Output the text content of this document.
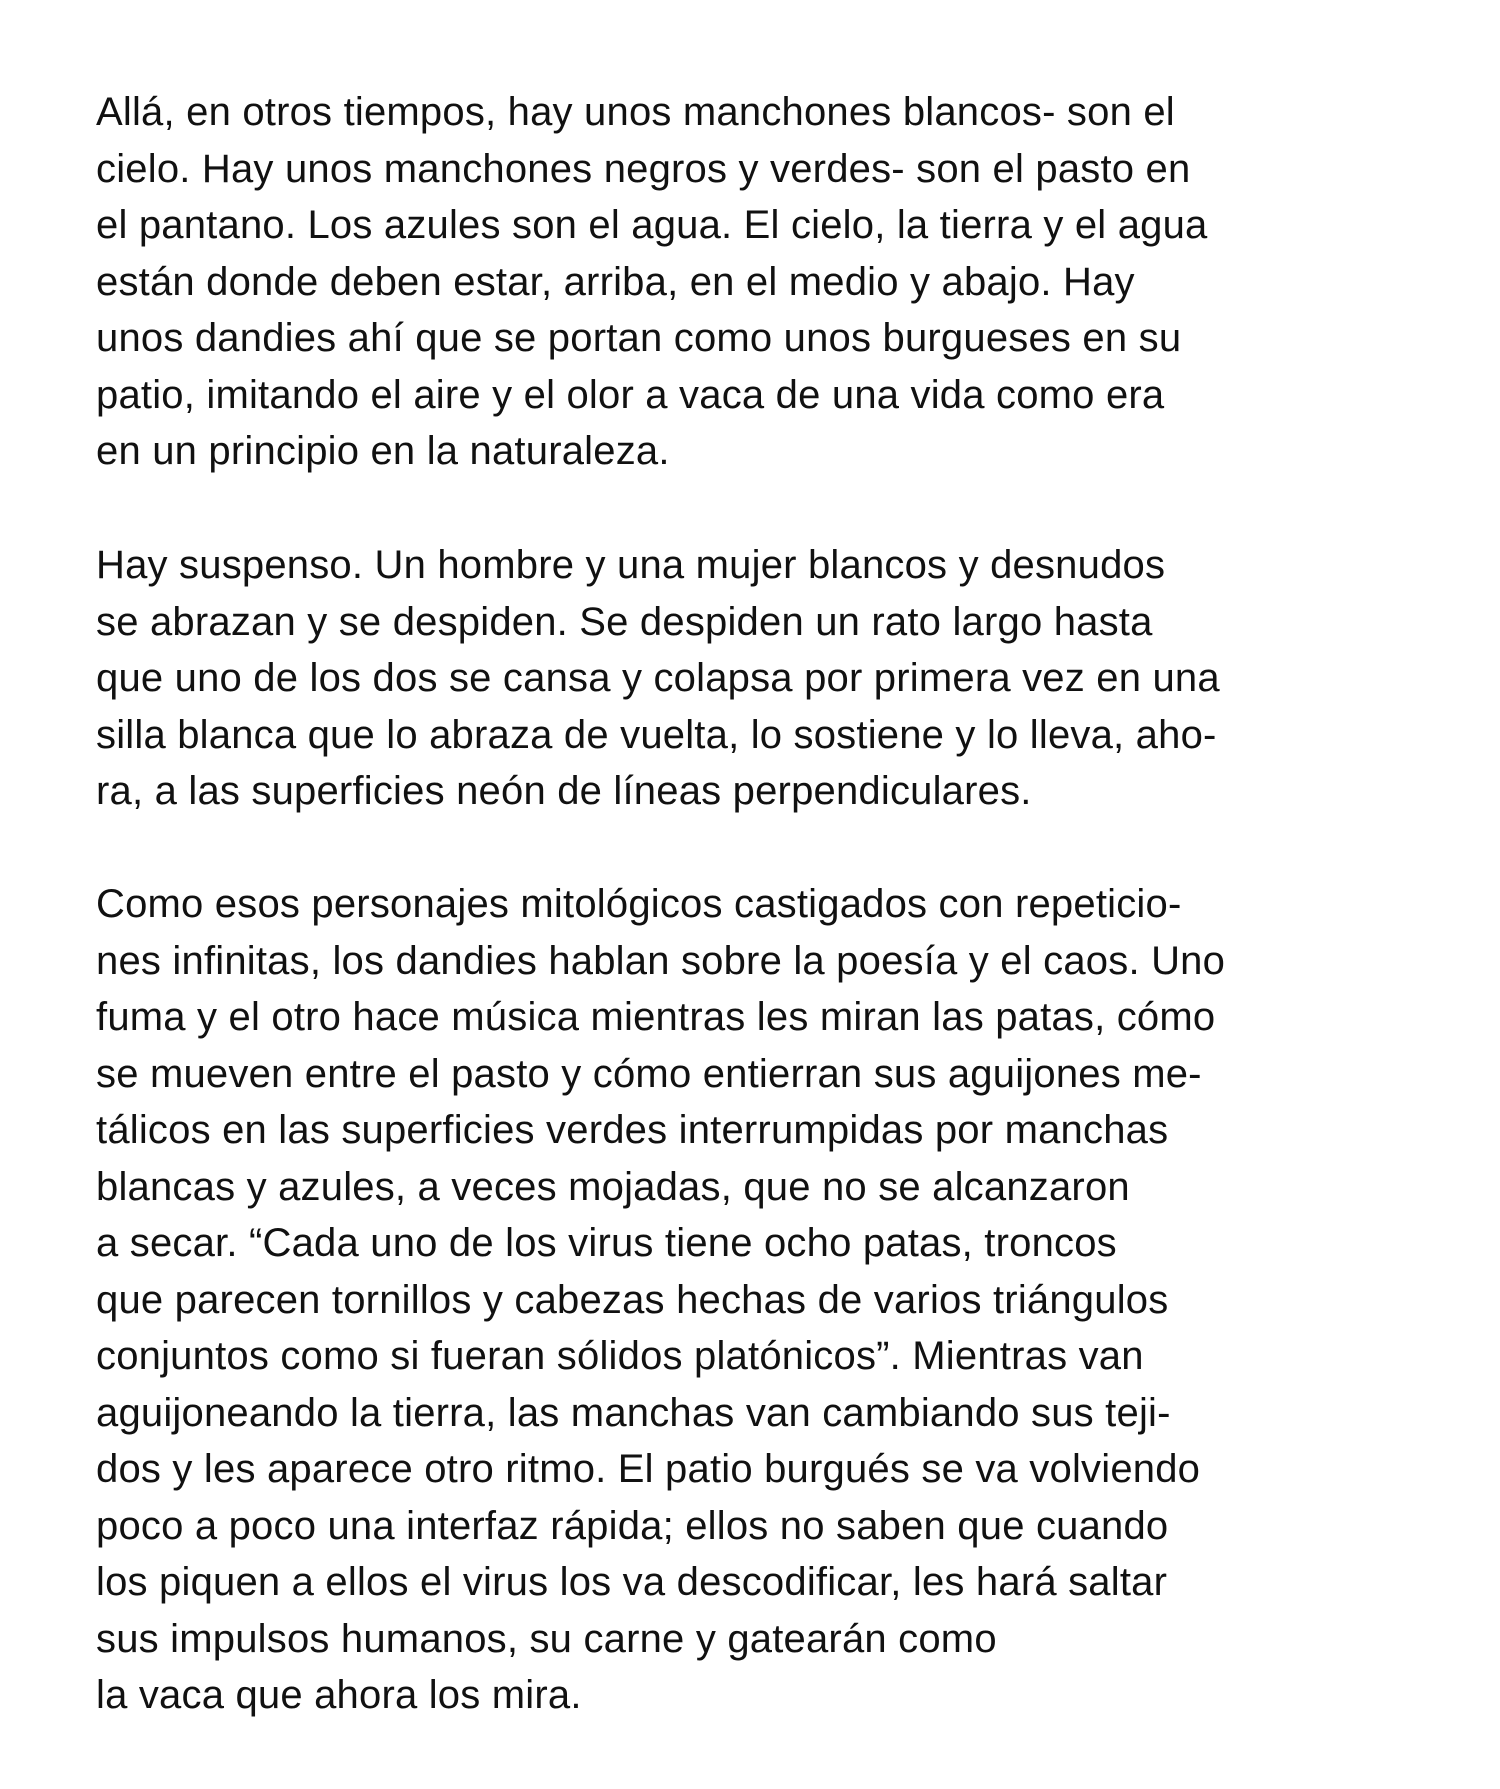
Allá, en otros tiempos, hay unos manchones blancos- son el
cielo. Hay unos manchones negros y verdes- son el pasto en
el pantano. Los azules son el agua. El cielo, la tierra y el agua
están donde deben estar, arriba, en el medio y abajo. Hay
unos dandies ahí que se portan como unos burgueses en su
patio, imitando el aire y el olor a vaca de una vida como era
en un principio en la naturaleza.
Hay suspenso. Un hombre y una mujer blancos y desnudos
se abrazan y se despiden. Se despiden un rato largo hasta
que uno de los dos se cansa y colapsa por primera vez en una
silla blanca que lo abraza de vuelta, lo sostiene y lo lleva, aho-
ra, a las superficies neón de líneas perpendiculares.
Como esos personajes mitológicos castigados con repeticio-
nes infinitas, los dandies hablan sobre la poesía y el caos. Uno
fuma y el otro hace música mientras les miran las patas, cómo
se mueven entre el pasto y cómo entierran sus aguijones me-
tálicos en las superficies verdes interrumpidas por manchas
blancas y azules, a veces mojadas, que no se alcanzaron
a secar. “Cada uno de los virus tiene ocho patas, troncos
que parecen tornillos y cabezas hechas de varios triángulos
conjuntos como si fueran sólidos platónicos”. Mientras van
aguijoneando la tierra, las manchas van cambiando sus teji-
dos y les aparece otro ritmo. El patio burgués se va volviendo
poco a poco una interfaz rápida; ellos no saben que cuando
los piquen a ellos el virus los va descodificar, les hará saltar
sus impulsos humanos, su carne y gatearán como
la vaca que ahora los mira.
